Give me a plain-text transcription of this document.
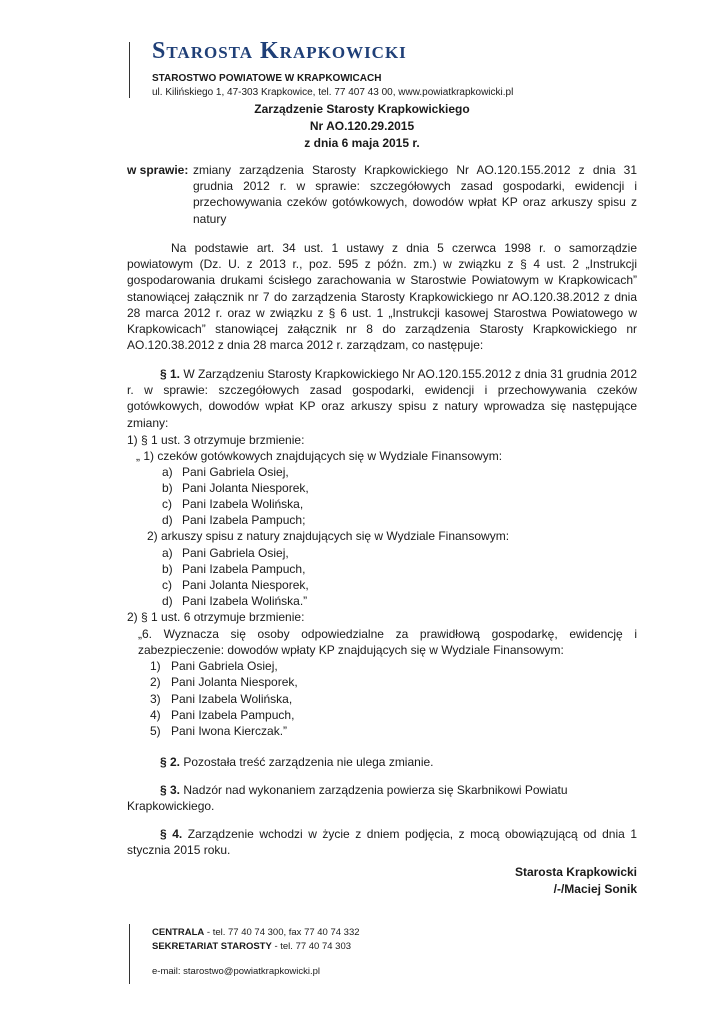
Starosta Krapkowicki
STAROSTWO POWIATOWE W KRAPKOWICACH
ul. Kilińskiego 1, 47-303 Krapkowice, tel. 77 407 43 00, www.powiatkrapkowicki.pl
Zarządzenie Starosty Krapkowickiego
Nr AO.120.29.2015
z dnia 6 maja 2015 r.
w sprawie: zmiany zarządzenia Starosty Krapkowickiego Nr AO.120.155.2012 z dnia 31 grudnia 2012 r. w sprawie: szczegółowych zasad gospodarki, ewidencji i przechowywania czeków gotówkowych, dowodów wpłat KP oraz arkuszy spisu z natury
Na podstawie art. 34 ust. 1 ustawy z dnia 5 czerwca 1998 r. o samorządzie powiatowym (Dz. U. z 2013 r., poz. 595 z późn. zm.) w związku z § 4 ust. 2 „Instrukcji gospodarowania drukami ścisłego zarachowania w Starostwie Powiatowym w Krapkowicach” stanowiącej załącznik nr 7 do zarządzenia Starosty Krapkowickiego nr AO.120.38.2012 z dnia 28 marca 2012 r. oraz w związku z § 6 ust. 1 „Instrukcji kasowej Starostwa Powiatowego w Krapkowicach” stanowiącej załącznik nr 8 do zarządzenia Starosty Krapkowickiego nr AO.120.38.2012 z dnia 28 marca 2012 r. zarządzam, co następuje:
§ 1. W Zarządzeniu Starosty Krapkowickiego Nr AO.120.155.2012 z dnia 31 grudnia 2012 r. w sprawie: szczegółowych zasad gospodarki, ewidencji i przechowywania czeków gotówkowych, dowodów wpłat KP oraz arkuszy spisu z natury wprowadza się następujące zmiany:
1) § 1 ust. 3 otrzymuje brzmienie:
„ 1) czeków gotówkowych znajdujących się w Wydziale Finansowym:
a) Pani Gabriela Osiej,
b) Pani Jolanta Niesporek,
c) Pani Izabela Wolińska,
d) Pani Izabela Pampuch;
2) arkuszy spisu z natury znajdujących się w Wydziale Finansowym:
a) Pani Gabriela Osiej,
b) Pani Izabela Pampuch,
c) Pani Jolanta Niesporek,
d) Pani Izabela Wolińska.”
2) § 1 ust. 6 otrzymuje brzmienie:
„6. Wyznacza się osoby odpowiedzialne za prawidłową gospodarkę, ewidencję i zabezpieczenie: dowodów wpłaty KP znajdujących się w Wydziale Finansowym:
1) Pani Gabriela Osiej,
2) Pani Jolanta Niesporek,
3) Pani Izabela Wolińska,
4) Pani Izabela Pampuch,
5) Pani Iwona Kierczak.”
§ 2. Pozostała treść zarządzenia nie ulega zmianie.
§ 3. Nadzór nad wykonaniem zarządzenia powierza się Skarbnikowi Powiatu Krapkowickiego.
§ 4. Zarządzenie wchodzi w życie z dniem podjęcia, z mocą obowiązującą od dnia 1 stycznia 2015 roku.
Starosta Krapkowicki
/-/Maciej Sonik
CENTRALA - tel. 77 40 74 300, fax 77 40 74 332
SEKRETARIAT STAROSTY - tel. 77 40 74 303
e-mail: starostwo@powiatkrapkowicki.pl
